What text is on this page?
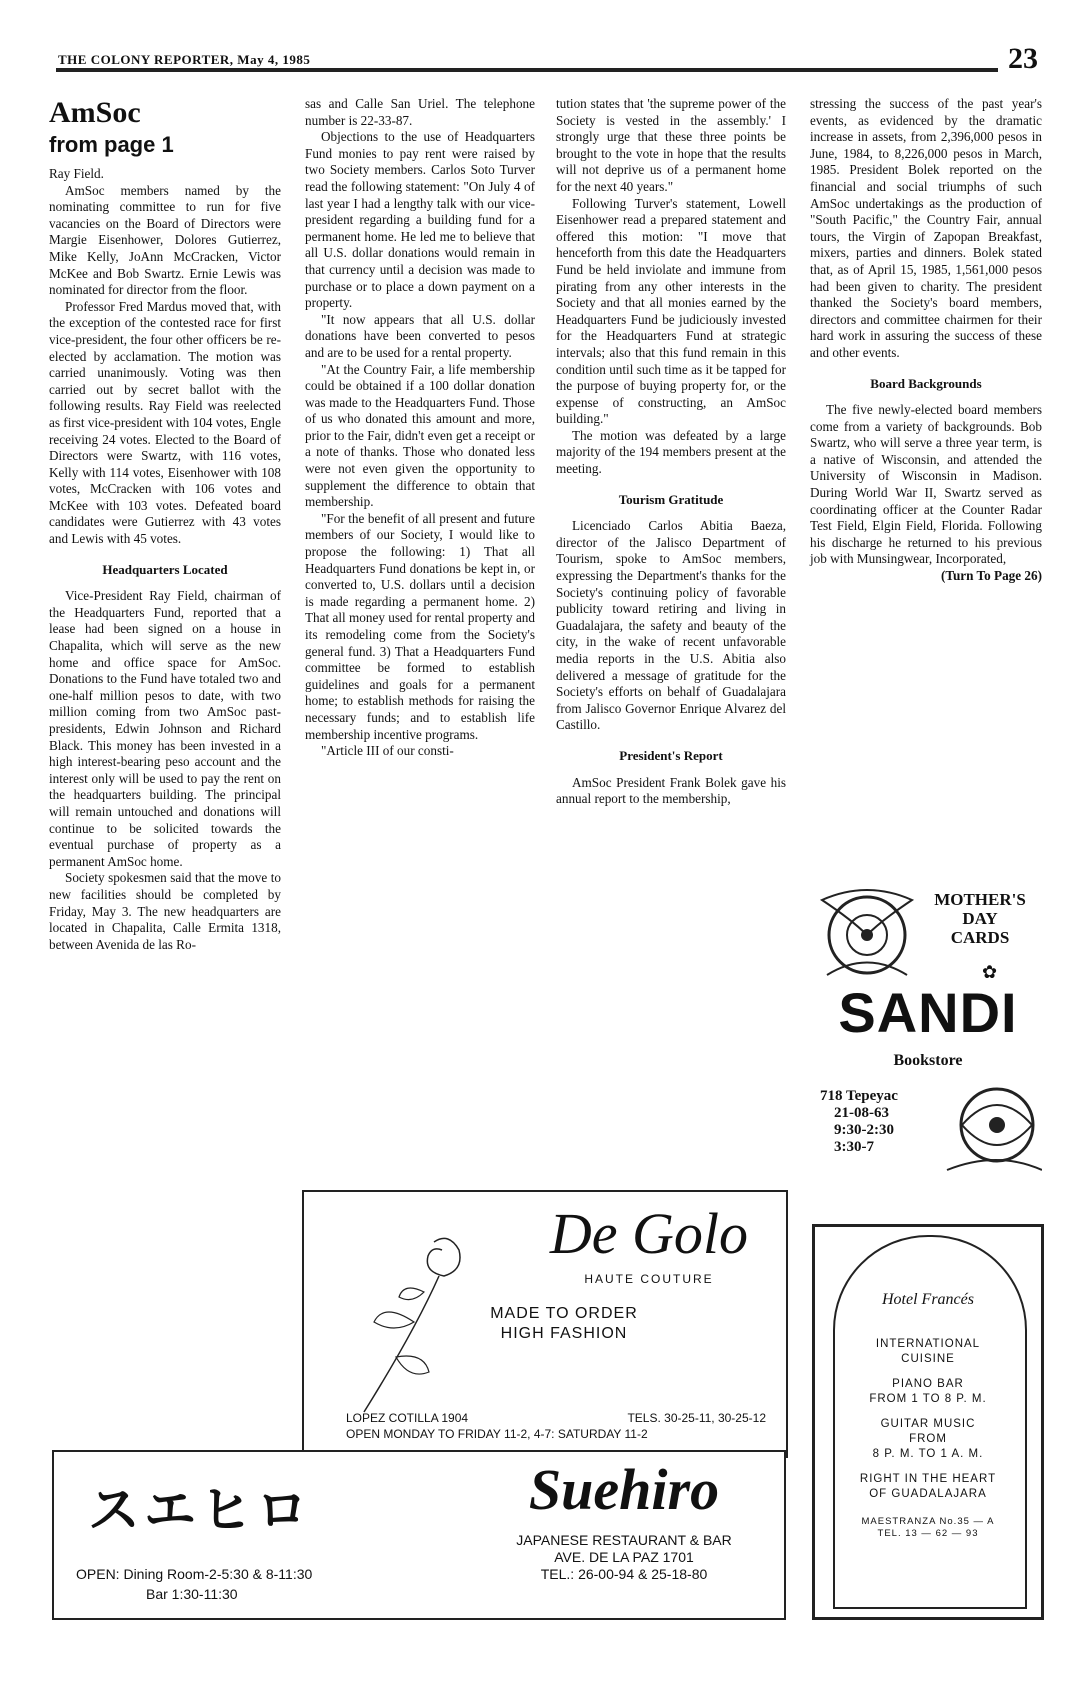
THE COLONY REPORTER, May 4, 1985	23
AmSoc
from page 1

Ray Field.

AmSoc members named by the nominating committee to run for five vacancies on the Board of Directors were Margie Eisenhower, Dolores Gutierrez, Mike Kelly, JoAnn McCracken, Victor McKee and Bob Swartz. Ernie Lewis was nominated for director from the floor.

Professor Fred Mardus moved that, with the exception of the contested race for first vice-president, the four other officers be re-elected by acclamation. The motion was carried unanimously. Voting was then carried out by secret ballot with the following results. Ray Field was reelected as first vice-president with 104 votes, Engle receiving 24 votes. Elected to the Board of Directors were Swartz, with 116 votes, Kelly with 114 votes, Eisenhower with 108 votes, McCracken with 106 votes and McKee with 103 votes. Defeated board candidates were Gutierrez with 43 votes and Lewis with 45 votes.

Headquarters Located

Vice-President Ray Field, chairman of the Headquarters Fund, reported that a lease had been signed on a house in Chapalita, which will serve as the new home and office space for AmSoc. Donations to the Fund have totaled two and one-half million pesos to date, with two million coming from two AmSoc past-presidents, Edwin Johnson and Richard Black. This money has been invested in a high interest-bearing peso account and the interest only will be used to pay the rent on the headquarters building. The principal will remain untouched and donations will continue to be solicited towards the eventual purchase of property as a permanent AmSoc home.

Society spokesmen said that the move to new facilities should be completed by Friday, May 3. The new headquarters are located in Chapalita, Calle Ermita 1318, between Avenida de las Ro-

sas and Calle San Uriel. The telephone number is 22-33-87.

Objections to the use of Headquarters Fund monies to pay rent were raised by two Society members. Carlos Soto Turver read the following statement: "On July 4 of last year I had a lengthy talk with our vice-president regarding a building fund for a permanent home. He led me to believe that all U.S. dollar donations would remain in that currency until a decision was made to purchase or to place a down payment on a property.

"It now appears that all U.S. dollar donations have been converted to pesos and are to be used for a rental property.

"At the Country Fair, a life membership could be obtained if a 100 dollar donation was made to the Headquarters Fund. Those of us who donated this amount and more, prior to the Fair, didn't even get a receipt or a note of thanks. Those who donated less were not even given the opportunity to supplement the difference to obtain that membership.

"For the benefit of all present and future members of our Society, I would like to propose the following: 1) That all Headquarters Fund donations be kept in, or converted to, U.S. dollars until a decision is made regarding a permanent home. 2) That all money used for rental property and its remodeling come from the Society's general fund. 3) That a Headquarters Fund committee be formed to establish guidelines and goals for a permanent home; to establish methods for raising the necessary funds; and to establish life membership incentive programs.

"Article III of our consti-

tution states that 'the supreme power of the Society is vested in the assembly.' I strongly urge that these three points be brought to the vote in hope that the results will not deprive us of a permanent home for the next 40 years."

Following Turver's statement, Lowell Eisenhower read a prepared statement and offered this motion: "I move that henceforth from this date the Headquarters Fund be held inviolate and immune from pirating from any other interests in the Society and that all monies earned by the Headquarters Fund be judiciously invested for the Headquarters Fund at strategic intervals; also that this fund remain in this condition until such time as it be tapped for the purpose of buying property for, or the expense of constructing, an AmSoc building."

The motion was defeated by a large majority of the 194 members present at the meeting.

Tourism Gratitude

Licenciado Carlos Abitia Baeza, director of the Jalisco Department of Tourism, spoke to AmSoc members, expressing the Department's thanks for the Society's continuing policy of favorable publicity toward retiring and living in Guadalajara, the safety and beauty of the city, in the wake of recent unfavorable media reports in the U.S. Abitia also delivered a message of gratitude for the Society's efforts on behalf of Guadalajara from Jalisco Governor Enrique Alvarez del Castillo.

President's Report

AmSoc President Frank Bolek gave his annual report to the membership,

stressing the success of the past year's events, as evidenced by the dramatic increase in assets, from 2,396,000 pesos in June, 1984, to 8,226,000 pesos in March, 1985. President Bolek reported on the financial and social triumphs of such AmSoc undertakings as the production of "South Pacific," the Country Fair, annual tours, the Virgin of Zapopan Breakfast, mixers, parties and dinners. Bolek stated that, as of April 15, 1985, 1,561,000 pesos had been given to charity. The president thanked the Society's board members, directors and committee chairmen for their hard work in assuring the success of these and other events.

Board Backgrounds

The five newly-elected board members come from a variety of backgrounds. Bob Swartz, who will serve a three year term, is a native of Wisconsin, and attended the University of Wisconsin in Madison. During World War II, Swartz served as coordinating officer at the Counter Radar Test Field, Elgin Field, Florida. Following his discharge he returned to his previous job with Munsingwear, Incorporated,

(Turn To Page 26)
MOTHER'S
DAY
CARDS
✿
SANDI
Bookstore
718 Tepeyac
21-08-63
9:30-2:30
3:30-7
De Golo
HAUTE COUTURE
MADE TO ORDER
HIGH FASHION
LOPEZ COTILLA 1904	TELS. 30-25-11, 30-25-12
OPEN MONDAY TO FRIDAY 11-2, 4-7: SATURDAY 11-2
Hotel Francés
INTERNATIONAL
CUISINE
PIANO BAR
FROM 1 TO 8 P. M.
GUITAR MUSIC
FROM
8 P. M. TO 1 A. M.
RIGHT IN THE HEART
OF GUADALAJARA
MAESTRANZA No.35 — A
TEL. 13 — 62 — 93
スエヒロ	Suehiro
JAPANESE RESTAURANT & BAR
AVE. DE LA PAZ 1701
TEL.: 26-00-94 & 25-18-80
OPEN: Dining Room-2-5:30 & 8-11:30
Bar 1:30-11:30
